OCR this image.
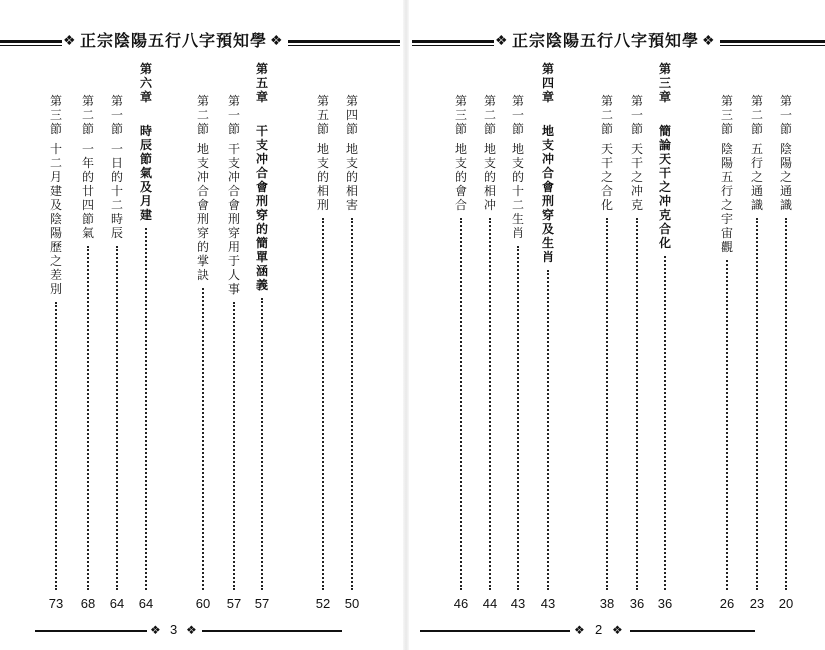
❖ 正宗陰陽五行八字預知學 ❖
第四節
地支的相害
50
第五節
地支的相刑
52
第五章
干支冲合會刑穿的簡單涵義
57
第一節
干支冲合會刑穿用于人事
57
第二節
地支冲合會刑穿的掌訣
60
第六章
時辰節氣及月建
64
第一節
一日的十二時辰
64
第二節
一年的廿四節氣
68
第三節
十二月建及陰陽歷之差別
73
❖ 3 ❖
❖ 正宗陰陽五行八字預知學 ❖
第一節
陰陽之通識
20
第二節
五行之通識
23
第三節
陰陽五行之宇宙觀
26
第三章
簡論天干之冲克合化
36
第一節
天干之冲克
36
第二節
天干之合化
38
第四章
地支冲合會刑穿及生肖
43
第一節
地支的十二生肖
43
第二節
地支的相冲
44
第三節
地支的會合
46
❖ 2 ❖
